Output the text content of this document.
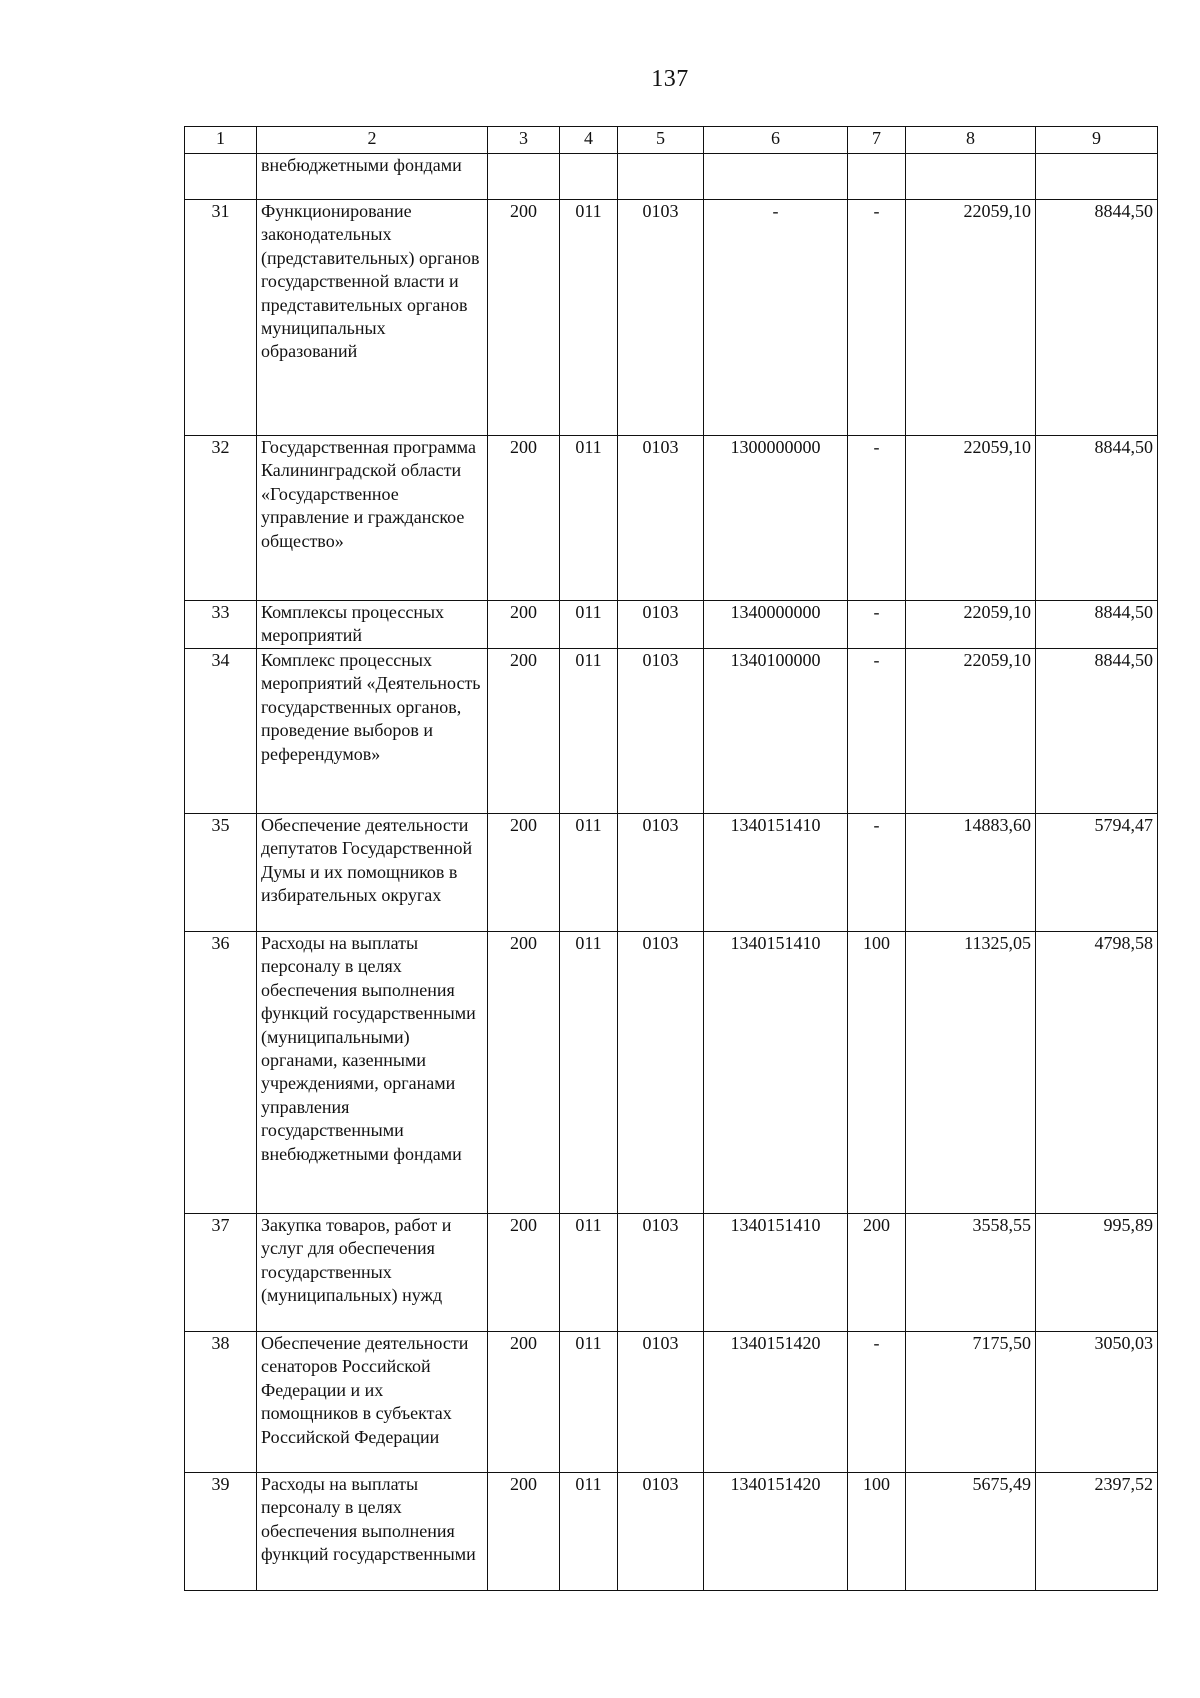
137
1	2	3	4	5	6	7	8	9
	внебюджетными фондами							
31	Функционирование законодательных (представительных) органов государственной власти и представительных органов муниципальных образований	200	011	0103	-	-	22059,10	8844,50
32	Государственная программа Калининградской области «Государственное управление и гражданское общество»	200	011	0103	1300000000	-	22059,10	8844,50
33	Комплексы процессных мероприятий	200	011	0103	1340000000	-	22059,10	8844,50
34	Комплекс процессных мероприятий «Деятельность государственных органов, проведение выборов и референдумов»	200	011	0103	1340100000	-	22059,10	8844,50
35	Обеспечение деятельности депутатов Государственной Думы и их помощников в избирательных округах	200	011	0103	1340151410	-	14883,60	5794,47
36	Расходы на выплаты персоналу в целях обеспечения выполнения функций государственными (муниципальными) органами, казенными учреждениями, органами управления государственными внебюджетными фондами	200	011	0103	1340151410	100	11325,05	4798,58
37	Закупка товаров, работ и услуг для обеспечения государственных (муниципальных) нужд	200	011	0103	1340151410	200	3558,55	995,89
38	Обеспечение деятельности сенаторов Российской Федерации и их помощников в субъектах Российской Федерации	200	011	0103	1340151420	-	7175,50	3050,03
39	Расходы на выплаты персоналу в целях обеспечения выполнения функций государственными	200	011	0103	1340151420	100	5675,49	2397,52
